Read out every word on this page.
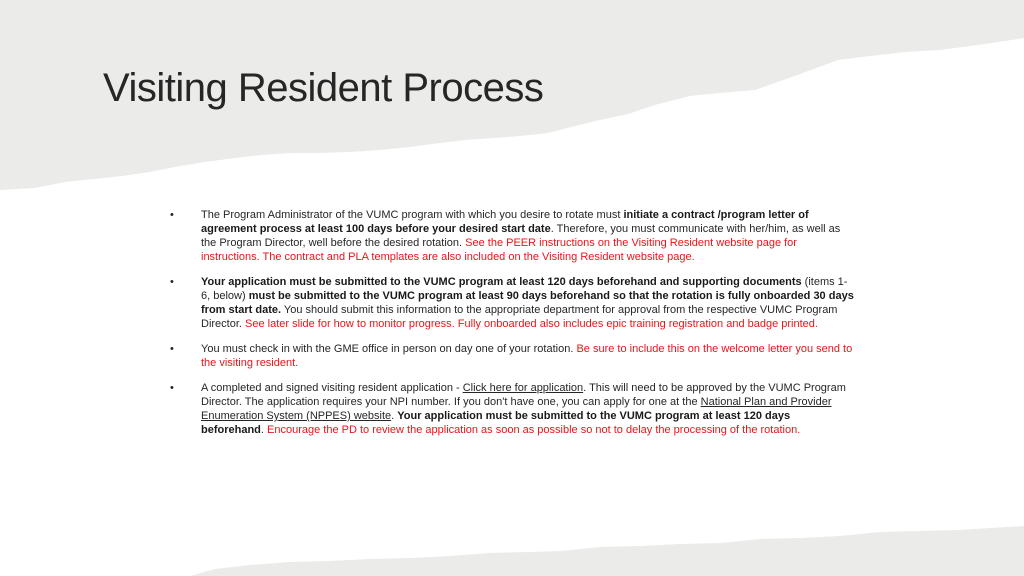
Visiting Resident Process
• The Program Administrator of the VUMC program with which you desire to rotate must initiate a contract /program letter of agreement process at least 100 days before your desired start date. Therefore, you must communicate with her/him, as well as the Program Director, well before the desired rotation. See the PEER instructions on the Visiting Resident website page for instructions. The contract and PLA templates are also included on the Visiting Resident website page.
• Your application must be submitted to the VUMC program at least 120 days beforehand and supporting documents (items 1-6, below) must be submitted to the VUMC program at least 90 days beforehand so that the rotation is fully onboarded 30 days from start date. You should submit this information to the appropriate department for approval from the respective VUMC Program Director. See later slide for how to monitor progress. Fully onboarded also includes epic training registration and badge printed.
• You must check in with the GME office in person on day one of your rotation. Be sure to include this on the welcome letter you send to the visiting resident.
• A completed and signed visiting resident application - Click here for application. This will need to be approved by the VUMC Program Director. The application requires your NPI number. If you don't have one, you can apply for one at the National Plan and Provider Enumeration System (NPPES) website. Your application must be submitted to the VUMC program at least 120 days beforehand. Encourage the PD to review the application as soon as possible so not to delay the processing of the rotation.
